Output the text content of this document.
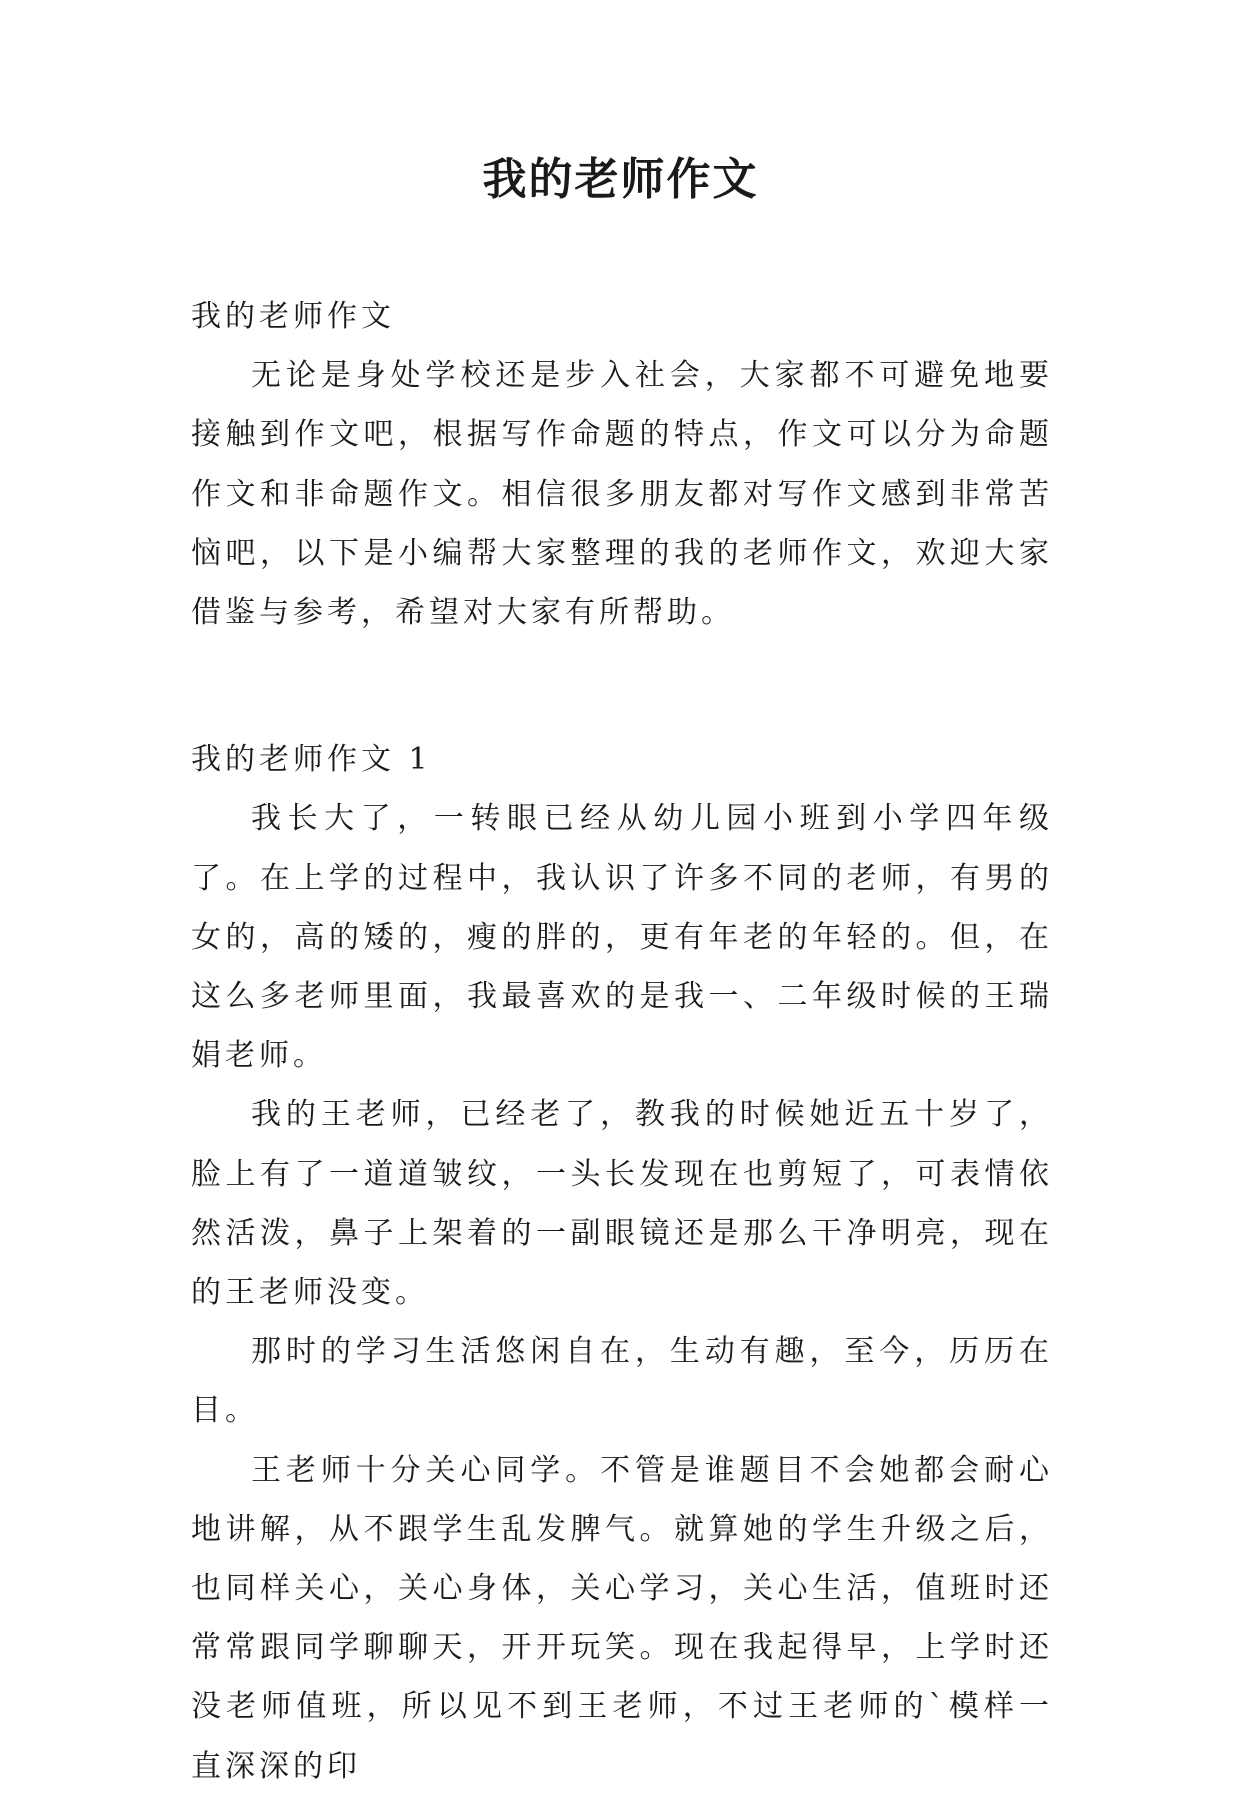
我的老师作文

我的老师作文

无论是身处学校还是步入社会，大家都不可避免地要接触到作文吧，根据写作命题的特点，作文可以分为命题作文和非命题作文。相信很多朋友都对写作文感到非常苦恼吧，以下是小编帮大家整理的我的老师作文，欢迎大家借鉴与参考，希望对大家有所帮助。

我的老师作文 1

我长大了，一转眼已经从幼儿园小班到小学四年级了。在上学的过程中，我认识了许多不同的老师，有男的女的，高的矮的，瘦的胖的，更有年老的年轻的。但，在这么多老师里面，我最喜欢的是我一、二年级时候的王瑞娟老师。

我的王老师，已经老了，教我的时候她近五十岁了，脸上有了一道道皱纹，一头长发现在也剪短了，可表情依然活泼，鼻子上架着的一副眼镜还是那么干净明亮，现在的王老师没变。

那时的学习生活悠闲自在，生动有趣，至今，历历在目。

王老师十分关心同学。不管是谁题目不会她都会耐心地讲解，从不跟学生乱发脾气。就算她的学生升级之后，也同样关心，关心身体，关心学习，关心生活，值班时还常常跟同学聊聊天，开开玩笑。现在我起得早，上学时还没老师值班，所以见不到王老师，不过王老师的`模样一直深深的印
